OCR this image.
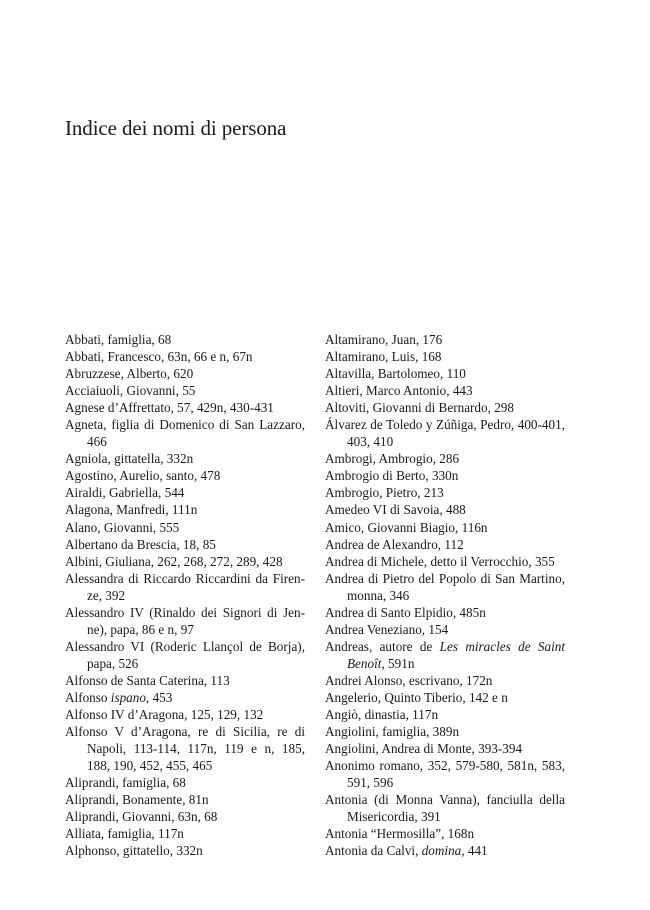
Indice dei nomi di persona
Abbati, famiglia, 68
Abbati, Francesco, 63n, 66 e n, 67n
Abruzzese, Alberto, 620
Acciaiuoli, Giovanni, 55
Agnese d’Affrettato, 57, 429n, 430-431
Agneta, figlia di Domenico di San Lazzaro, 466
Agniola, gittatella, 332n
Agostino, Aurelio, santo, 478
Airaldi, Gabriella, 544
Alagona, Manfredi, 111n
Alano, Giovanni, 555
Albertano da Brescia, 18, 85
Albini, Giuliana, 262, 268, 272, 289, 428
Alessandra di Riccardo Riccardini da Firenze, 392
Alessandro IV (Rinaldo dei Signori di Jenne), papa, 86 e n, 97
Alessandro VI (Roderic Llançol de Borja), papa, 526
Alfonso de Santa Caterina, 113
Alfonso ispano, 453
Alfonso IV d’Aragona, 125, 129, 132
Alfonso V d’Aragona, re di Sicilia, re di Napoli, 113-114, 117n, 119 e n, 185, 188, 190, 452, 455, 465
Aliprandi, famiglia, 68
Aliprandi, Bonamente, 81n
Aliprandi, Giovanni, 63n, 68
Alliata, famiglia, 117n
Alphonso, gittatello, 332n
Altamirano, Juan, 176
Altamirano, Luis, 168
Altavilla, Bartolomeo, 110
Altieri, Marco Antonio, 443
Altoviti, Giovanni di Bernardo, 298
Álvarez de Toledo y Zúñiga, Pedro, 400-401, 403, 410
Ambrogi, Ambrogio, 286
Ambrogio di Berto, 330n
Ambrogio, Pietro, 213
Amedeo VI di Savoia, 488
Amico, Giovanni Biagio, 116n
Andrea de Alexandro, 112
Andrea di Michele, detto il Verrocchio, 355
Andrea di Pietro del Popolo di San Martino, monna, 346
Andrea di Santo Elpidio, 485n
Andrea Veneziano, 154
Andreas, autore de Les miracles de Saint Benoît, 591n
Andrei Alonso, escrivano, 172n
Angelerio, Quinto Tiberio, 142 e n
Angiò, dinastia, 117n
Angiolini, famiglia, 389n
Angiolini, Andrea di Monte, 393-394
Anonimo romano, 352, 579-580, 581n, 583, 591, 596
Antonia (di Monna Vanna), fanciulla della Misericordia, 391
Antonia “Hermosilla”, 168n
Antonia da Calvi, domina, 441
